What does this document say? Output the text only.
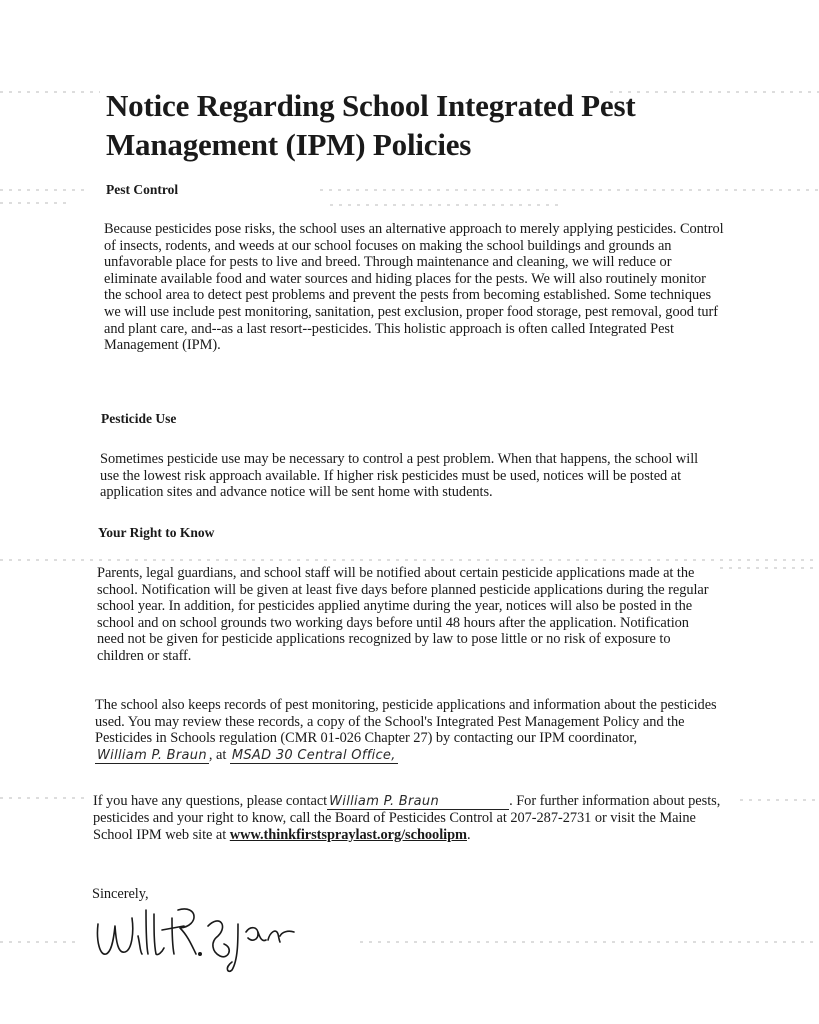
Notice Regarding School Integrated Pest Management (IPM) Policies
Pest Control

Because pesticides pose risks, the school uses an alternative approach to merely applying pesticides. Control of insects, rodents, and weeds at our school focuses on making the school buildings and grounds an unfavorable place for pests to live and breed. Through maintenance and cleaning, we will reduce or eliminate available food and water sources and hiding places for the pests. We will also routinely monitor the school area to detect pest problems and prevent the pests from becoming established. Some techniques we will use include pest monitoring, sanitation, pest exclusion, proper food storage, pest removal, good turf and plant care, and--as a last resort--pesticides. This holistic approach is often called Integrated Pest Management (IPM).

Pesticide Use

Sometimes pesticide use may be necessary to control a pest problem. When that happens, the school will use the lowest risk approach available. If higher risk pesticides must be used, notices will be posted at application sites and advance notice will be sent home with students.

Your Right to Know

Parents, legal guardians, and school staff will be notified about certain pesticide applications made at the school. Notification will be given at least five days before planned pesticide applications during the regular school year. In addition, for pesticides applied anytime during the year, notices will also be posted in the school and on school grounds two working days before until 48 hours after the application. Notification need not be given for pesticide applications recognized by law to pose little or no risk of exposure to children or staff.

The school also keeps records of pest monitoring, pesticide applications and information about the pesticides used. You may review these records, a copy of the School's Integrated Pest Management Policy and the Pesticides in Schools regulation (CMR 01-026 Chapter 27) by contacting our IPM coordinator, William P. Braun , at MSAD 30 Central Office,

If you have any questions, please contact William P. Braun	. For further information about pests, pesticides and your right to know, call the Board of Pesticides Control at 207-287-2731 or visit the Maine School IPM web site at www.thinkfirstspraylast.org/schoolipm.

Sincerely,
